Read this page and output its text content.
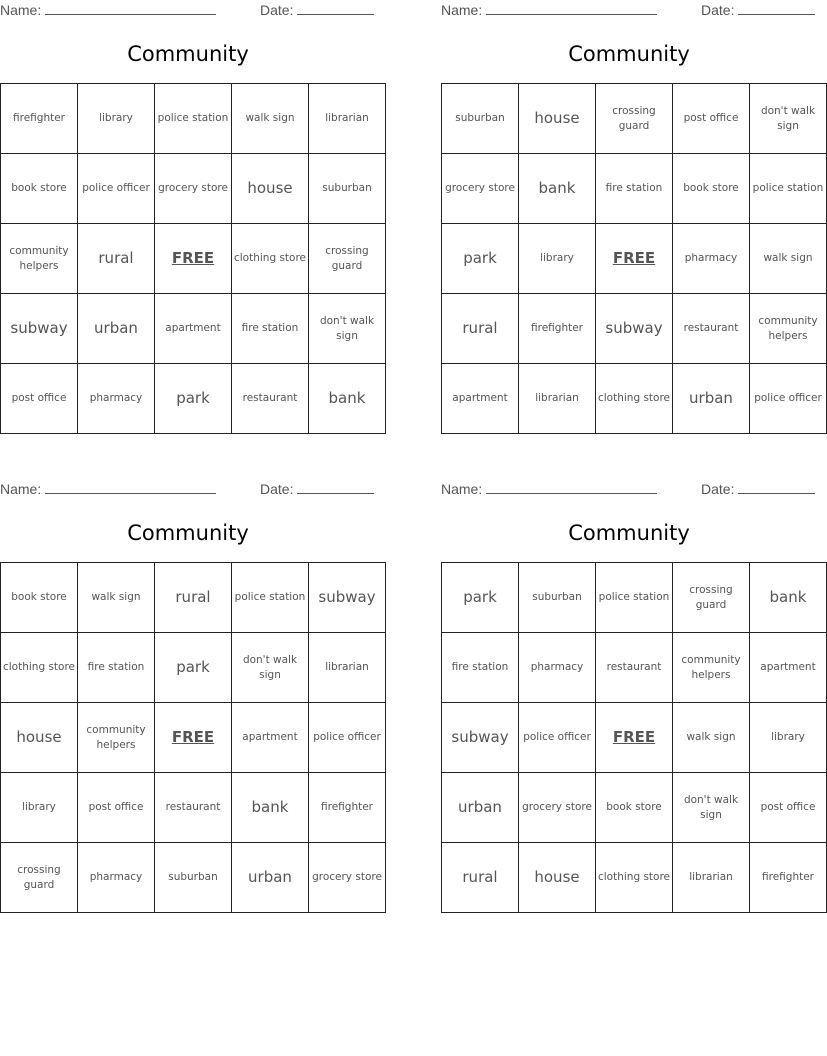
Name:	Date:
Community
firefighter	library	police station	walk sign	librarian
book store	police officer	grocery store	house	suburban
community helpers	rural	FREE	clothing store	crossing guard
subway	urban	apartment	fire station	don't walk sign
post office	pharmacy	park	restaurant	bank
Name:	Date:
Community
suburban	house	crossing guard	post office	don't walk sign
grocery store	bank	fire station	book store	police station
park	library	FREE	pharmacy	walk sign
rural	firefighter	subway	restaurant	community helpers
apartment	librarian	clothing store	urban	police officer
Name:	Date:
Community
book store	walk sign	rural	police station	subway
clothing store	fire station	park	don't walk sign	librarian
house	community helpers	FREE	apartment	police officer
library	post office	restaurant	bank	firefighter
crossing guard	pharmacy	suburban	urban	grocery store
Name:	Date:
Community
park	suburban	police station	crossing guard	bank
fire station	pharmacy	restaurant	community helpers	apartment
subway	police officer	FREE	walk sign	library
urban	grocery store	book store	don't walk sign	post office
rural	house	clothing store	librarian	firefighter
